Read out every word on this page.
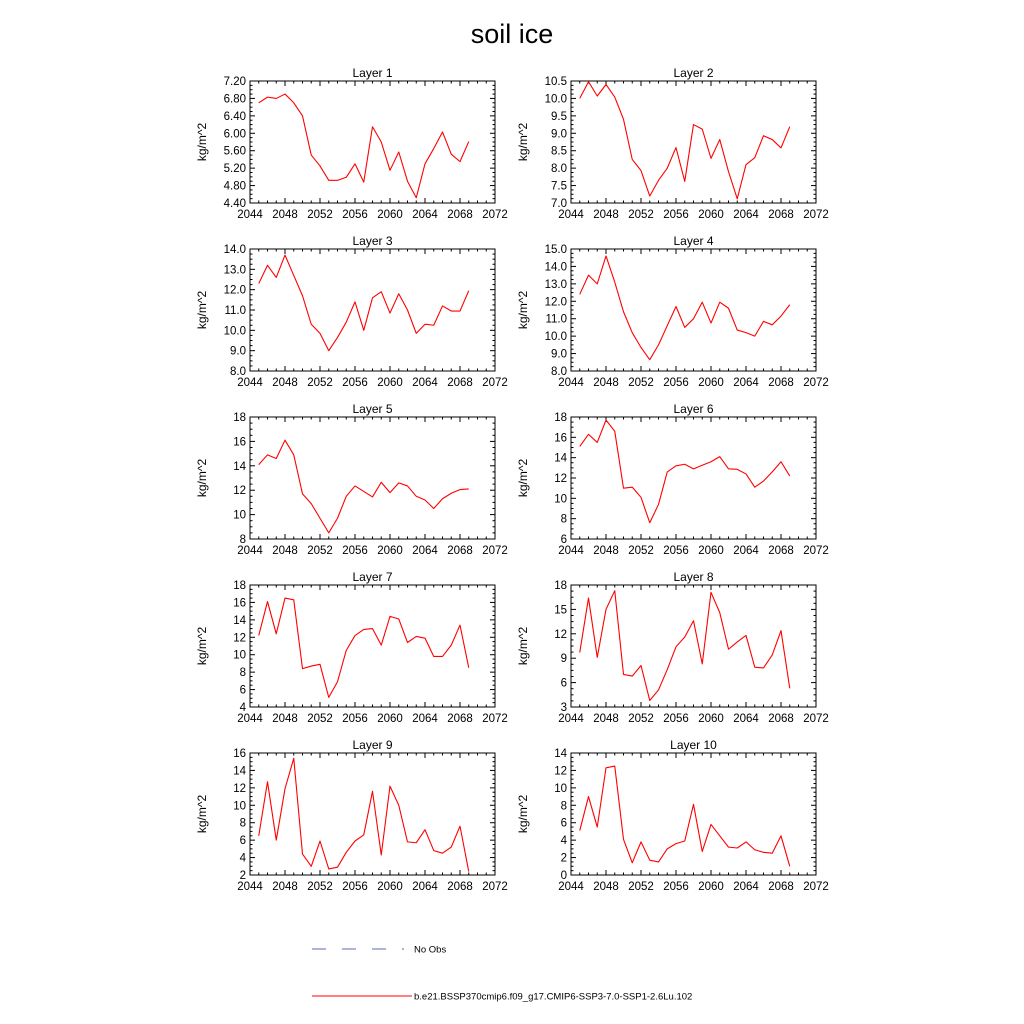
soil ice
Layer 1
kg/m^2
2044 2048 2052 2056 2060 2064 2068 2072
4.40
4.80
5.20
5.60
6.00
6.40
6.80
7.20
Layer 2
kg/m^2
2044 2048 2052 2056 2060 2064 2068 2072
7.0
7.5
8.0
8.5
9.0
9.5
10.0
10.5
Layer 3
kg/m^2
2044 2048 2052 2056 2060 2064 2068 2072
8.0
9.0
10.0
11.0
12.0
13.0
14.0
Layer 4
kg/m^2
2044 2048 2052 2056 2060 2064 2068 2072
8.0
9.0
10.0
11.0
12.0
13.0
14.0
15.0
Layer 5
kg/m^2
2044 2048 2052 2056 2060 2064 2068 2072
8
10
12
14
16
18
Layer 6
kg/m^2
2044 2048 2052 2056 2060 2064 2068 2072
6
8
10
12
14
16
18
Layer 7
kg/m^2
2044 2048 2052 2056 2060 2064 2068 2072
4
6
8
10
12
14
16
18
Layer 8
kg/m^2
2044 2048 2052 2056 2060 2064 2068 2072
3
6
9
12
15
18
Layer 9
kg/m^2
2044 2048 2052 2056 2060 2064 2068 2072
2
4
6
8
10
12
14
16
Layer 10
kg/m^2
2044 2048 2052 2056 2060 2064 2068 2072
0
2
4
6
8
10
12
14
No Obs
b.e21.BSSP370cmip6.f09_g17.CMIP6-SSP3-7.0-SSP1-2.6Lu.102
